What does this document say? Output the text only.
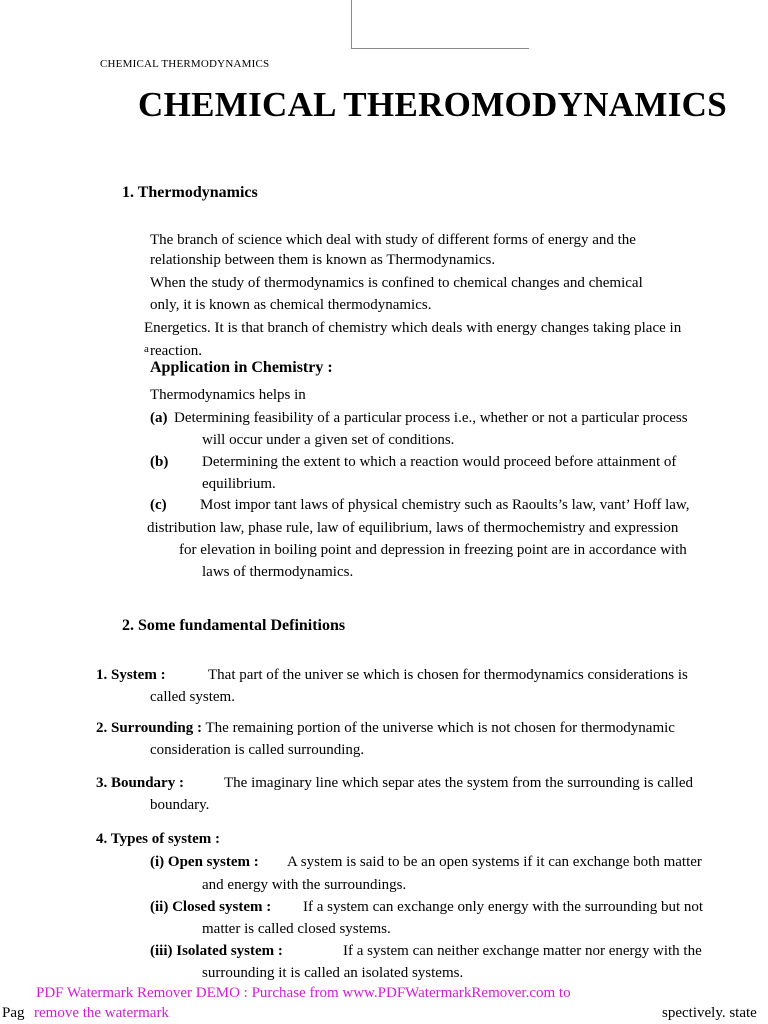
CHEMICAL THERMODYNAMICS
CHEMICAL THEROMODYNAMICS
1. Thermodynamics
The branch of science which deal with study of different forms of energy and the
relationship between them is known as Thermodynamics.
When the study of thermodynamics is confined to chemical changes and chemical
only, it is known as chemical thermodynamics.
Energetics. It is that branch of chemistry which deals with energy changes taking place in
a reaction.
Application in Chemistry :
Thermodynamics helps in
(a) Determining feasibility of a particular process i.e., whether or not a particular process
will occur under a given set of conditions.
(b) Determining the extent to which a reaction would proceed before attainment of
equilibrium.
(c) Most impor tant laws of physical chemistry such as Raoults’s law, vant’ Hoff law,
distribution law, phase rule, law of equilibrium, laws of thermochemistry and expression
for elevation in boiling point and depression in freezing point are in accordance with
laws of thermodynamics.
2. Some fundamental Definitions
1. System :	That part of the univer se which is chosen for thermodynamics considerations is
called system.
2. Surrounding : The remaining portion of the universe which is not chosen for thermodynamic
consideration is called surrounding.
3. Boundary :	The imaginary line which separ ates the system from the surrounding is called
boundary.
4. Types of system :
(i) Open system : A system is said to be an open systems if it can exchange both matter
and energy with the surroundings.
(ii) Closed system : If a system can exchange only energy with the surrounding but not
matter is called closed systems.
(iii) Isolated system :	If a system can neither exchange matter nor energy with the
surrounding it is called an isolated systems.
Pag	spectively. state
PDF Watermark Remover DEMO : Purchase from www.PDFWatermarkRemover.com to
remove the watermark
